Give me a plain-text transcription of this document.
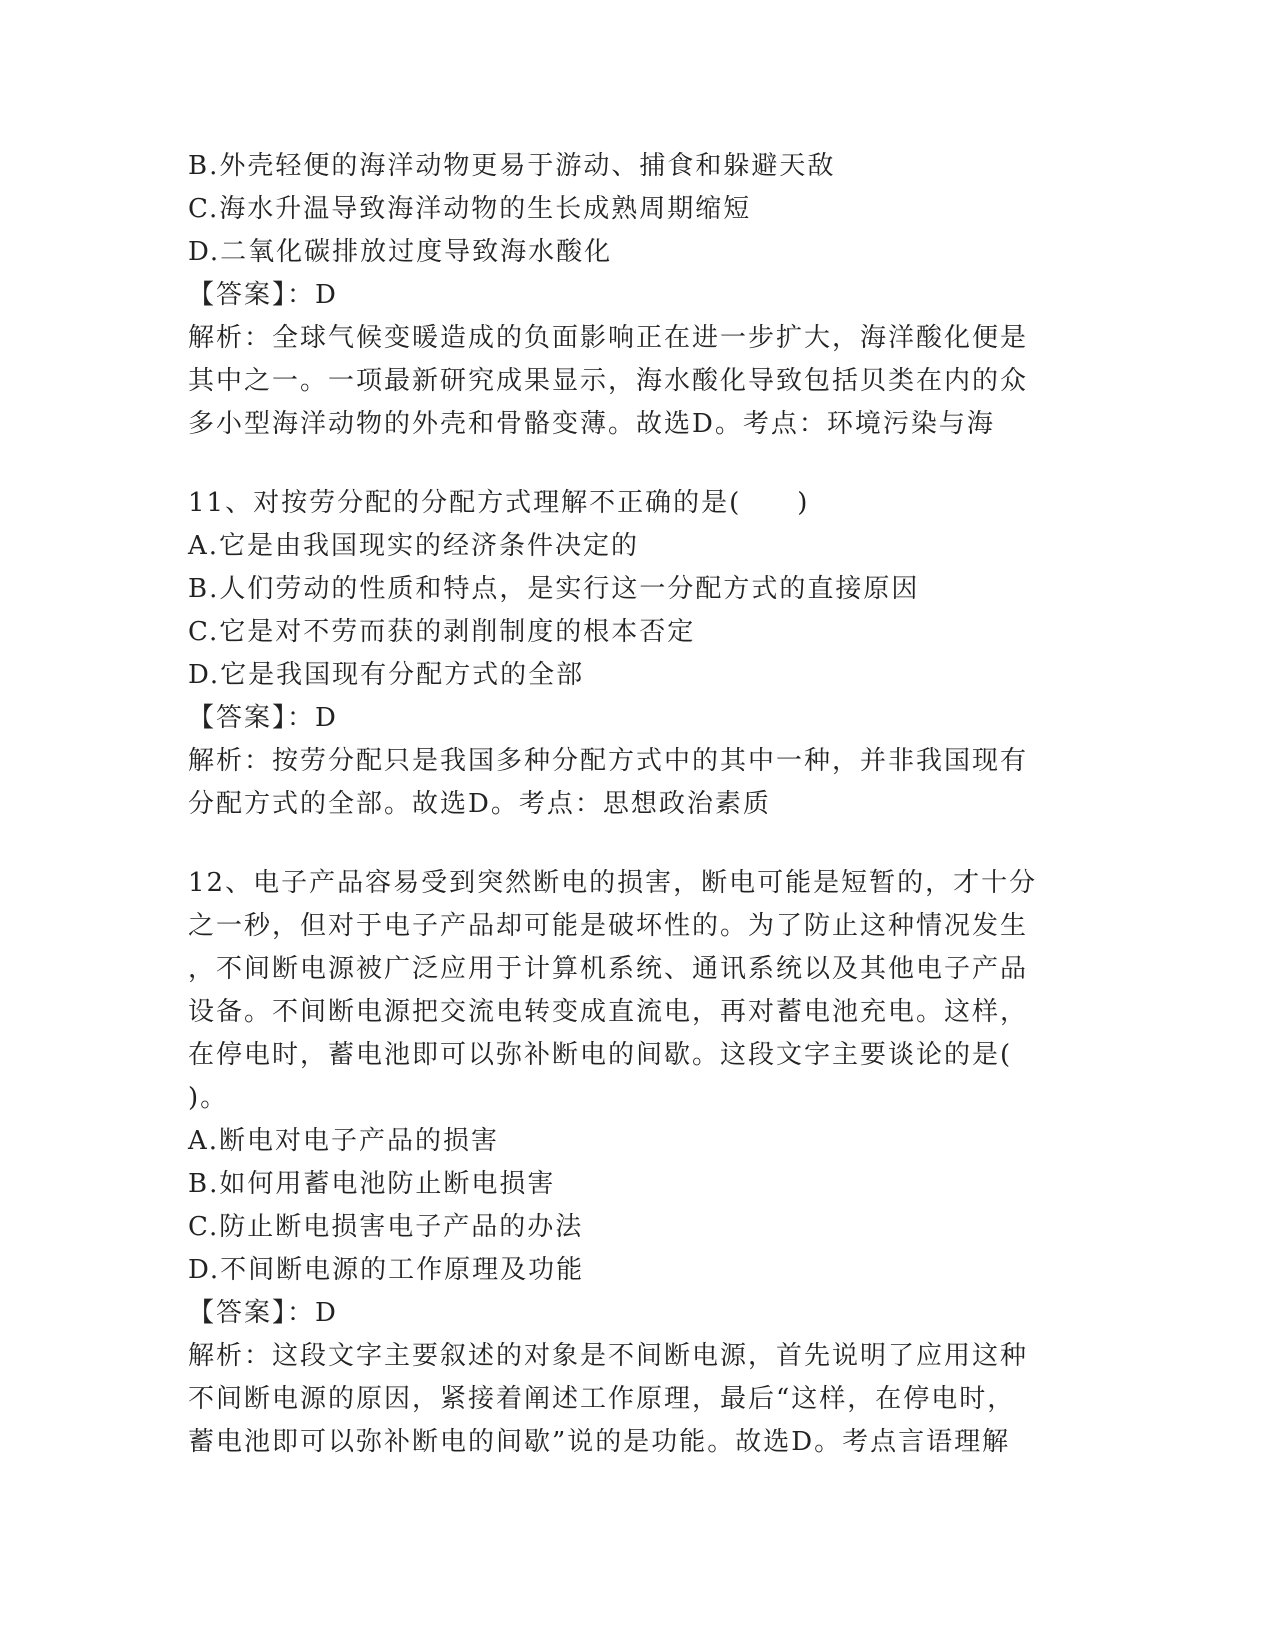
B.外壳轻便的海洋动物更易于游动、捕食和躲避天敌
C.海水升温导致海洋动物的生长成熟周期缩短
D.二氧化碳排放过度导致海水酸化
【答案】：D
解析：全球气候变暖造成的负面影响正在进一步扩大，海洋酸化便是
其中之一。一项最新研究成果显示，海水酸化导致包括贝类在内的众
多小型海洋动物的外壳和骨骼变薄。故选D。考点：环境污染与海
11、对按劳分配的分配方式理解不正确的是(　　)
A.它是由我国现实的经济条件决定的
B.人们劳动的性质和特点，是实行这一分配方式的直接原因
C.它是对不劳而获的剥削制度的根本否定
D.它是我国现有分配方式的全部
【答案】：D
解析：按劳分配只是我国多种分配方式中的其中一种，并非我国现有
分配方式的全部。故选D。考点：思想政治素质
12、电子产品容易受到突然断电的损害，断电可能是短暂的，才十分
之一秒，但对于电子产品却可能是破坏性的。为了防止这种情况发生
，不间断电源被广泛应用于计算机系统、通讯系统以及其他电子产品
设备。不间断电源把交流电转变成直流电，再对蓄电池充电。这样，
在停电时，蓄电池即可以弥补断电的间歇。这段文字主要谈论的是(
)。
A.断电对电子产品的损害
B.如何用蓄电池防止断电损害
C.防止断电损害电子产品的办法
D.不间断电源的工作原理及功能
【答案】：D
解析：这段文字主要叙述的对象是不间断电源，首先说明了应用这种
不间断电源的原因，紧接着阐述工作原理，最后“这样，在停电时，
蓄电池即可以弥补断电的间歇”说的是功能。故选D。考点言语理解
